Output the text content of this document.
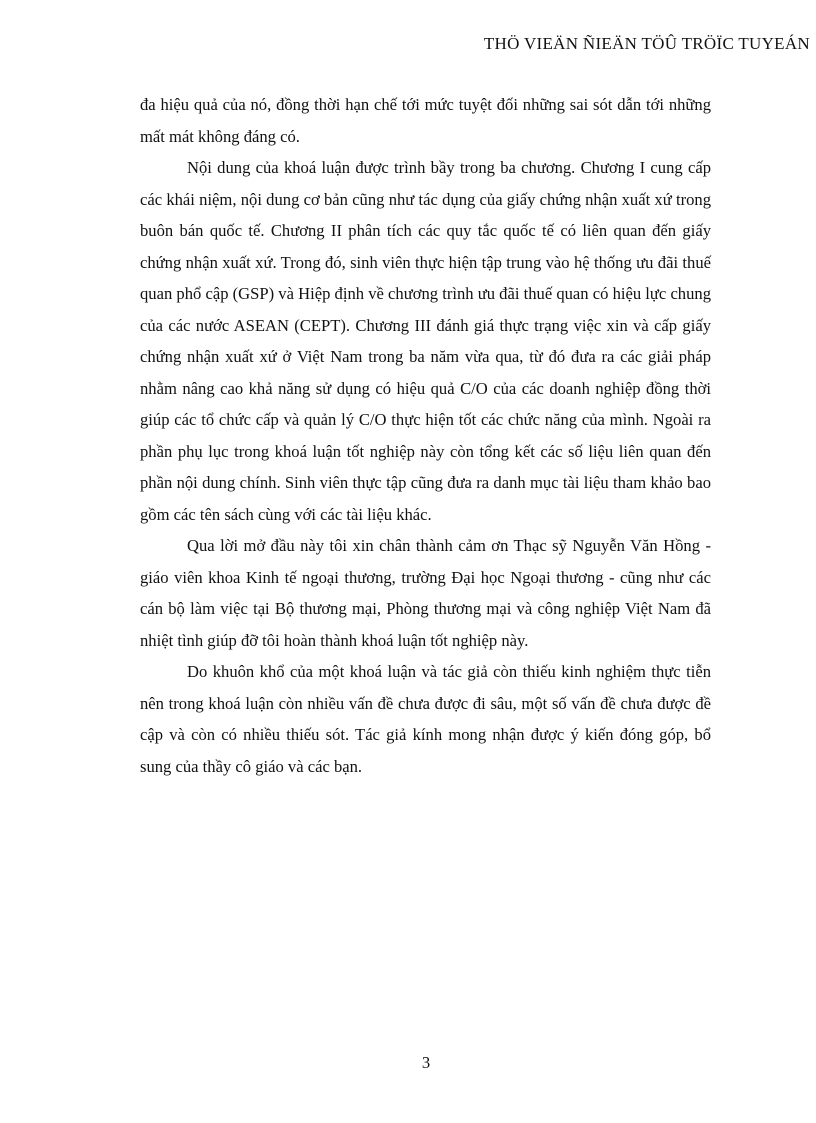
THÖ VIEÄN ÑIEÄN TÖÛ TRÖÏC TUYEÁN

đa hiệu quả của nó, đồng thời hạn chế tới mức tuyệt đối những sai sót dẫn tới những mất mát không đáng có.

Nội dung của khoá luận được trình bầy trong ba chương. Chương I cung cấp các khái niệm, nội dung cơ bản cũng như tác dụng của giấy chứng nhận xuất xứ trong buôn bán quốc tế. Chương II phân tích các quy tắc quốc tế có liên quan đến giấy chứng nhận xuất xứ. Trong đó, sinh viên thực hiện tập trung vào hệ thống ưu đãi thuế quan phổ cập (GSP) và Hiệp định về chương trình ưu đãi thuế quan có hiệu lực chung của các nước ASEAN (CEPT). Chương III đánh giá thực trạng việc xin và cấp giấy chứng nhận xuất xứ ở Việt Nam trong ba năm vừa qua, từ đó đưa ra các giải pháp nhằm nâng cao khả năng sử dụng có hiệu quả C/O của các doanh nghiệp đồng thời giúp các tổ chức cấp và quản lý C/O thực hiện tốt các chức năng của mình. Ngoài ra phần phụ lục trong khoá luận tốt nghiệp này còn tổng kết các số liệu liên quan đến phần nội dung chính. Sinh viên thực tập cũng đưa ra danh mục tài liệu tham khảo bao gồm các tên sách cùng với các tài liệu khác.

Qua lời mở đầu này tôi xin chân thành cảm ơn Thạc sỹ Nguyễn Văn Hồng - giáo viên khoa Kinh tế ngoại thương, trường Đại học Ngoại thương - cũng như các cán bộ làm việc tại Bộ thương mại, Phòng thương mại và công nghiệp Việt Nam đã nhiệt tình giúp đỡ tôi hoàn thành khoá luận tốt nghiệp này.

Do khuôn khổ của một khoá luận và tác giả còn thiếu kinh nghiệm thực tiễn nên trong khoá luận còn nhiều vấn đề chưa được đi sâu, một số vấn đề chưa được đề cập và còn có nhiều thiếu sót. Tác giả kính mong nhận được ý kiến đóng góp, bổ sung của thầy cô giáo và các bạn.

3
